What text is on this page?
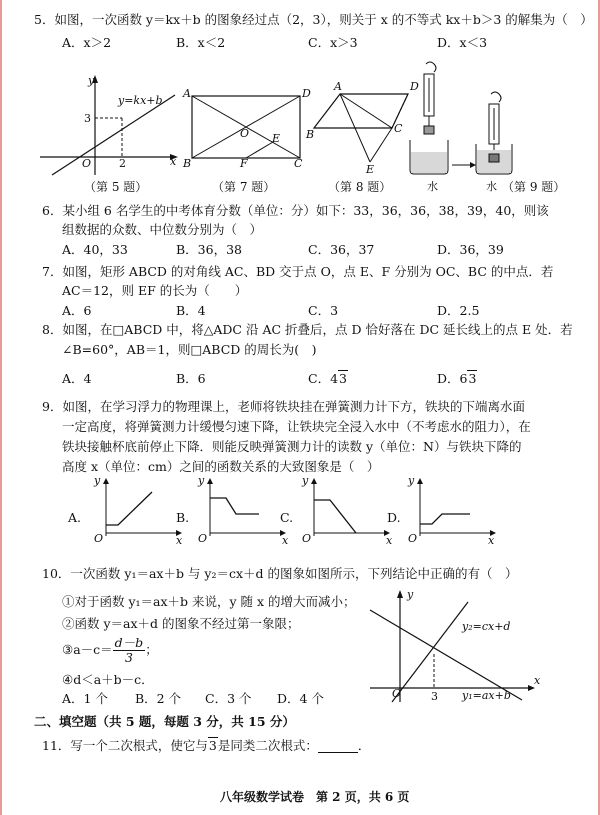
5．如图，一次函数 y＝kx＋b 的图象经过点（2，3），则关于 x 的不等式 kx＋b＞3 的解集为（　）
A．x＞2	B．x＜2	C．x＞3	D．x＜3
y
y=kx+b
3
O	2	x
（第 5 题）
A	D
B	C
O E
F
（第 7 题）
A	D
B	C
E
（第 8 题）	水	水 （第 9 题）
6．某小组 6 名学生的中考体育分数（单位：分）如下：33，36，36，38，39，40，则该
组数据的众数、中位数分别为（　）
A．40，33	B．36，38	C．36，37	D．36，39
7．如图，矩形 ABCD 的对角线 AC、BD 交于点 O，点 E、F 分别为 OC、BC 的中点．若
AC＝12，则 EF 的长为（　　）
A．6	B．4	C．3	D．2.5
8．如图，在□ABCD 中，将△ADC 沿 AC 折叠后，点 D 恰好落在 DC 延长线上的点 E 处．若
∠B=60°，AB＝1，则□ABCD 的周长为(　)
A．4	B．6	C．43	D．63
9．如图，在学习浮力的物理课上，老师将铁块挂在弹簧测力计下方，铁块的下端离水面
一定高度，将弹簧测力计缓慢匀速下降，让铁块完全浸入水中（不考虑水的阻力），在
铁块接触杯底前停止下降．则能反映弹簧测力计的读数 y（单位：N）与铁块下降的
高度 x（单位：cm）之间的函数关系的大致图象是（　）
A.	B.	C.	D.
y
O
y
O	x
y
O	x
y
O	x
x
10．一次函数 y₁＝ax＋b 与 y₂＝cx＋d 的图象如图所示，下列结论中正确的有（　）
①对于函数 y₁＝ax＋b 来说，y 随 x 的增大而减小；
②函数 y＝ax＋d 的图象不经过第一象限；
③a－c＝ $\frac{d-b}{3}$ ；
④d＜a＋b－c．
A．1 个 B．2 个 C．3 个 D．4 个
y
y₂=cx+d
O	3 y₁=ax+b
x
二、填空题（共 5 题，每题 3 分，共 15 分）
11．写一个二次根式，使它与3是同类二次根式：	．
八年级数学试卷　第 2 页，共 6 页
